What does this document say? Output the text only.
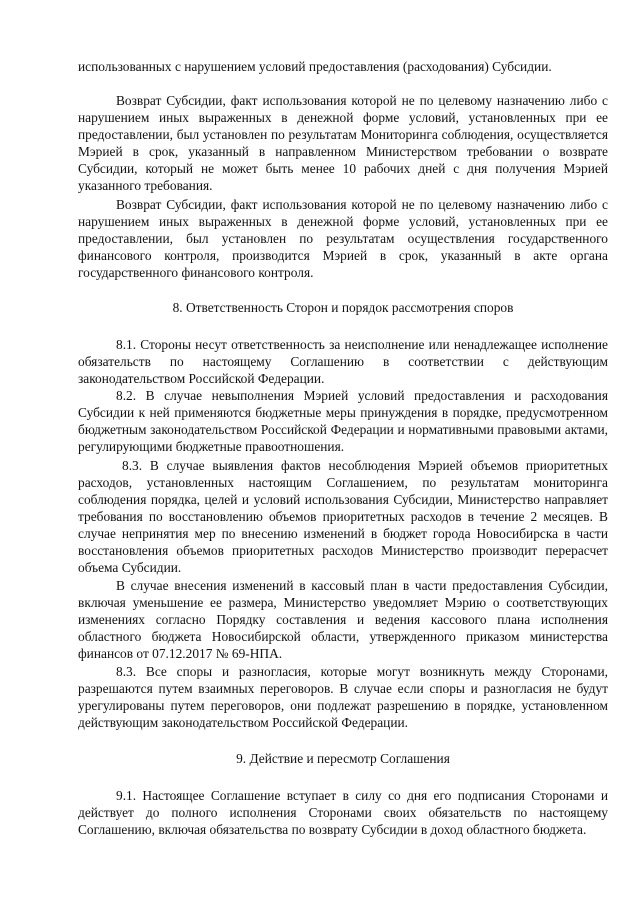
использованных с нарушением условий предоставления (расходования) Субсидии.

Возврат Субсидии, факт использования которой не по целевому назначению либо с нарушением иных выраженных в денежной форме условий, установленных при ее предоставлении, был установлен по результатам Мониторинга соблюдения, осуществляется Мэрией в срок, указанный в направленном Министерством требовании о возврате Субсидии, который не может быть менее 10 рабочих дней с дня получения Мэрией указанного требования.

Возврат Субсидии, факт использования которой не по целевому назначению либо с нарушением иных выраженных в денежной форме условий, установленных при ее предоставлении, был установлен по результатам осуществления государственного финансового контроля, производится Мэрией в срок, указанный в акте органа государственного финансового контроля.

8. Ответственность Сторон и порядок рассмотрения споров

8.1. Стороны несут ответственность за неисполнение или ненадлежащее исполнение обязательств по настоящему Соглашению в соответствии с действующим законодательством Российской Федерации.

8.2. В случае невыполнения Мэрией условий предоставления и расходования Субсидии к ней применяются бюджетные меры принуждения в порядке, предусмотренном бюджетным законодательством Российской Федерации и нормативными правовыми актами, регулирующими бюджетные правоотношения.

8.3. В случае выявления фактов несоблюдения Мэрией объемов приоритетных расходов, установленных настоящим Соглашением, по результатам мониторинга соблюдения порядка, целей и условий использования Субсидии, Министерство направляет требования по восстановлению объемов приоритетных расходов в течение 2 месяцев. В случае непринятия мер по внесению изменений в бюджет города Новосибирска в части восстановления объемов приоритетных расходов Министерство производит перерасчет объема Субсидии.

В случае внесения изменений в кассовый план в части предоставления Субсидии, включая уменьшение ее размера, Министерство уведомляет Мэрию о соответствующих изменениях согласно Порядку составления и ведения кассового плана исполнения областного бюджета Новосибирской области, утвержденного приказом министерства финансов от 07.12.2017 № 69-НПА.

8.3. Все споры и разногласия, которые могут возникнуть между Сторонами, разрешаются путем взаимных переговоров. В случае если споры и разногласия не будут урегулированы путем переговоров, они подлежат разрешению в порядке, установленном действующим законодательством Российской Федерации.

9. Действие и пересмотр Соглашения

9.1. Настоящее Соглашение вступает в силу со дня его подписания Сторонами и действует до полного исполнения Сторонами своих обязательств по настоящему Соглашению, включая обязательства по возврату Субсидии в доход областного бюджета.
